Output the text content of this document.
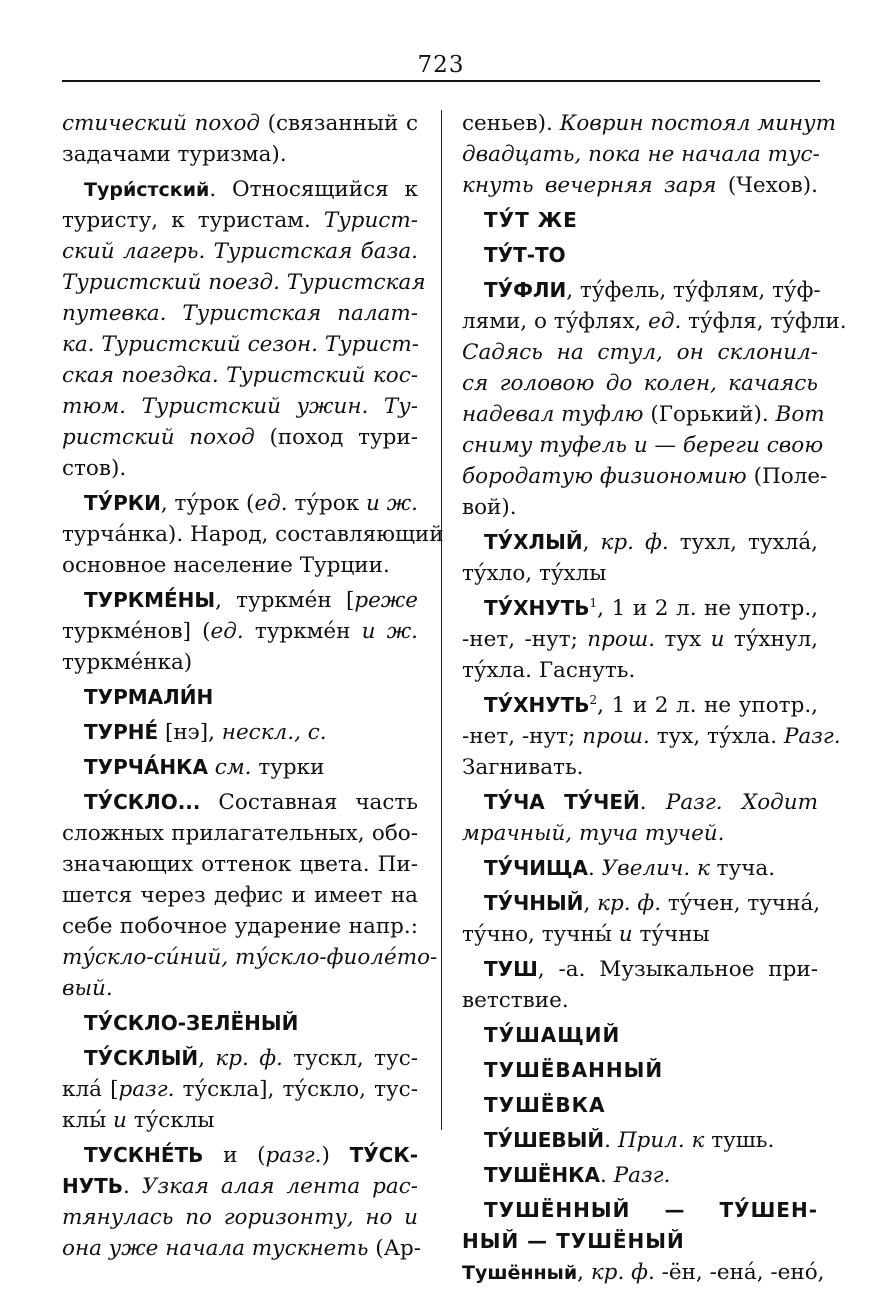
723
стический поход (связанный с
задачами туризма).
Тури́стский. Относящийся к
туристу, к туристам. Турист-
ский лагерь. Туристская база.
Туристский поезд. Туристская
путевка. Туристская палат-
ка. Туристский сезон. Турист-
ская поездка. Туристский кос-
тюм. Туристский ужин. Ту-
ристский поход (поход тури-
стов).
ТУ́РКИ, ту́рок (ед. ту́рок и ж.
турча́нка). Народ, составляющий
основное население Турции.
ТУРКМЕ́НЫ, туркме́н [реже
туркме́нов] (ед. туркме́н и ж.
туркме́нка)
ТУРМАЛИ́Н
ТУРНЕ́ [нэ], нескл., с.
ТУРЧА́НКА см. турки
ТУ́СКЛО... Составная часть
сложных прилагательных, обо-
значающих оттенок цвета. Пи-
шется через дефис и имеет на
себе побочное ударение напр.:
ту́скло-си́ний, ту́скло-фиоле́то-
вый.
ТУ́СКЛО-ЗЕЛЁНЫЙ
ТУ́СКЛЫЙ, кр. ф. тускл, тус-
кла́ [разг. ту́скла], ту́скло, тус-
клы́ и ту́склы
ТУСКНЕ́ТЬ и (разг.) ТУ́СК-
НУТЬ. Узкая алая лента рас-
тянулась по горизонту, но и
она уже начала тускнеть (Ар-
сеньев). Коврин постоял минут
двадцать, пока не начала тус-
кнуть вечерняя заря (Чехов).
ТУ́Т ЖЕ
ТУ́Т-ТО
ТУ́ФЛИ, ту́фель, ту́флям, ту́ф-
лями, о ту́флях, ед. ту́фля, ту́фли.
Садясь на стул, он склонил-
ся головою до колен, качаясь
надевал туфлю (Горький). Вот
сниму туфель и — береги свою
бородатую физиономию (Поле-
вой).
ТУ́ХЛЫЙ, кр. ф. тухл, тухла́,
ту́хло, ту́хлы
ТУ́ХНУТЬ$^1$, 1 и 2 л. не употр.,
-нет, -нут; прош. тух и ту́хнул,
ту́хла. Гаснуть.
ТУ́ХНУТЬ$^2$, 1 и 2 л. не употр.,
-нет, -нут; прош. тух, ту́хла. Разг.
Загнивать.
ТУ́ЧА ТУ́ЧЕЙ. Разг. Ходит
мрачный, туча тучей.
ТУ́ЧИЩА. Увелич. к туча.
ТУ́ЧНЫЙ, кр. ф. ту́чен, тучна́,
ту́чно, тучны́ и ту́чны
ТУШ, -а. Музыкальное при-
ветствие.
ТУ́ШАЩИЙ
ТУШЁВАННЫЙ
ТУШЁВКА
ТУ́ШЕВЫЙ. Прил. к тушь.
ТУШЁНКА. Разг.
ТУШЁННЫЙ — ТУ́ШЕН-
НЫЙ — ТУШЁНЫЙ
Тушённый, кр. ф. -ён, -ена́, -ено́,
